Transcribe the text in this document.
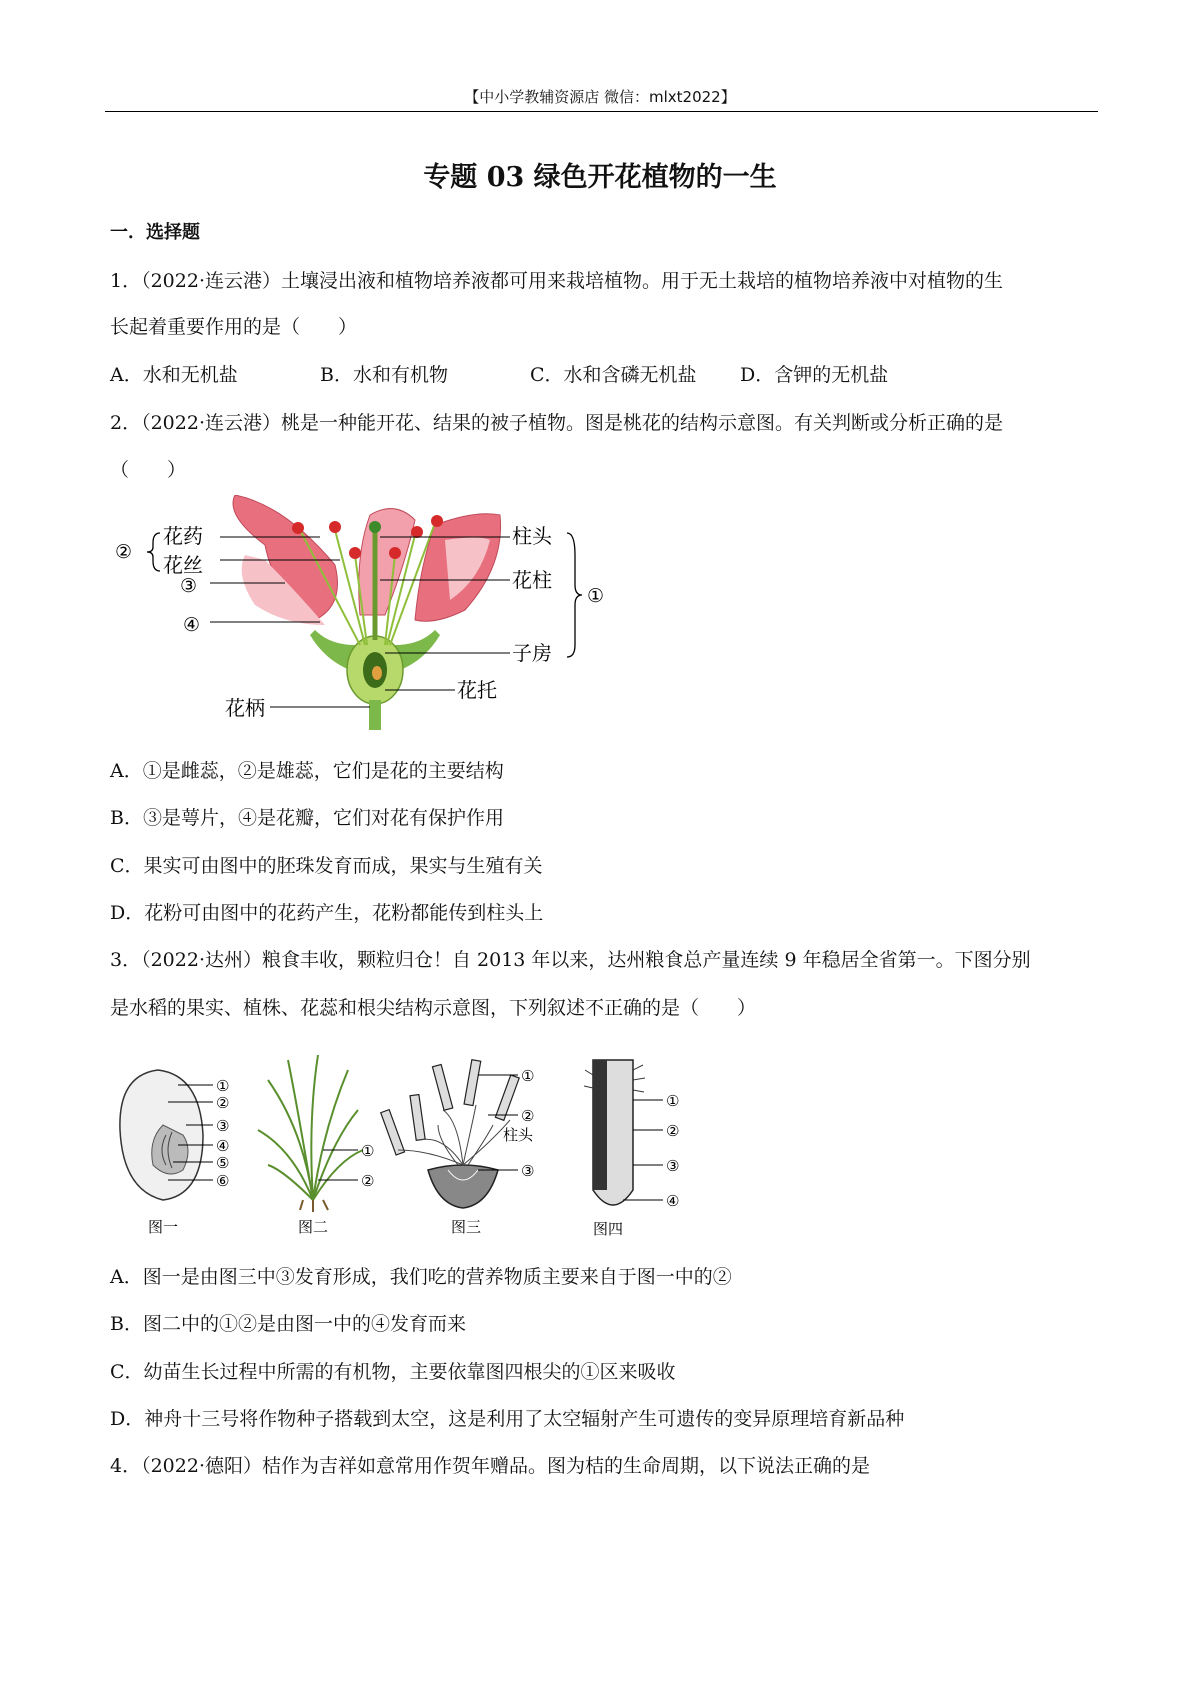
【中小学教辅资源店 微信：mlxt2022】
专题 03 绿色开花植物的一生
一．选择题
1．（2022·连云港）土壤浸出液和植物培养液都可用来栽培植物。用于无土栽培的植物培养液中对植物的生
长起着重要作用的是（　　）
A．水和无机盐	B．水和有机物	C．水和含磷无机盐 D．含钾的无机盐
2．（2022·连云港）桃是一种能开花、结果的被子植物。图是桃花的结构示意图。有关判断或分析正确的是
（　　）
②
花药
花丝
③
④
柱头
花柱
①
子房
花托
花柄
A．①是雌蕊，②是雄蕊，它们是花的主要结构
B．③是萼片，④是花瓣，它们对花有保护作用
C．果实可由图中的胚珠发育而成，果实与生殖有关
D．花粉可由图中的花药产生，花粉都能传到柱头上
3．（2022·达州）粮食丰收，颗粒归仓！自 2013 年以来，达州粮食总产量连续 9 年稳居全省第一。下图分别
是水稻的果实、植株、花蕊和根尖结构示意图，下列叙述不正确的是（　　）
①
②
③
④
⑤
⑥
图一
①
②
图二
①
②
柱头
③
图三
①
②
③
④
图四
A．图一是由图三中③发育形成，我们吃的营养物质主要来自于图一中的②
B．图二中的①②是由图一中的④发育而来
C．幼苗生长过程中所需的有机物，主要依靠图四根尖的①区来吸收
D．神舟十三号将作物种子搭载到太空，这是利用了太空辐射产生可遗传的变异原理培育新品种
4．（2022·德阳）桔作为吉祥如意常用作贺年赠品。图为桔的生命周期，以下说法正确的是
